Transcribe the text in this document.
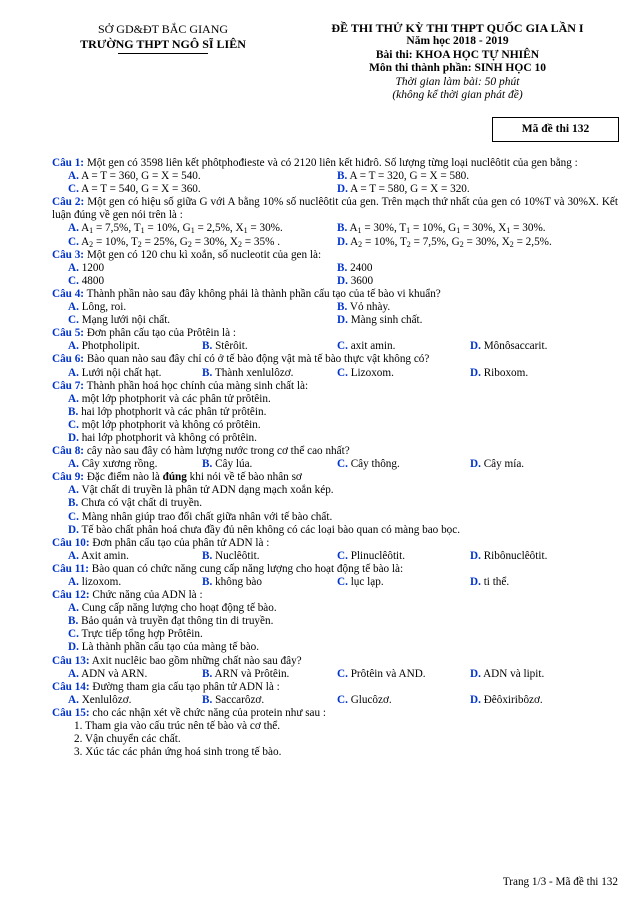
SỞ GD&ĐT BẮC GIANG
TRƯỜNG THPT NGÔ SĨ LIÊN
ĐỀ THI THỬ KỲ THI THPT QUỐC GIA LẦN I
Năm học 2018 - 2019
Bài thi: KHOA HỌC TỰ NHIÊN
Môn thi thành phần: SINH HỌC 10
Thời gian làm bài: 50 phút
(không kể thời gian phát đề)
Mã đề thi 132
Câu 1: Một gen có 3598 liên kết phôtphođieste và có 2120 liên kết hiđrô. Số lượng từng loại nuclêôtit của gen bằng :
A. A = T = 360, G = X = 540.	B. A = T = 320, G = X = 580.
C. A = T = 540, G = X = 360.	D. A = T = 580, G = X = 320.
Câu 2: Một gen có hiệu số giữa G với A bằng 10% số nuclêôtit của gen. Trên mạch thứ nhất của gen có 10%T và 30%X. Kết luận đúng về gen nói trên là :
A. $A_1 = 7,5\%$, $T_1 = 10\%$, $G_1 = 2,5\%$, $X_1 = 30\%$.	B. $A_1 = 30\%$, $T_1 = 10\%$, $G_1 = 30\%$, $X_1 = 30\%$.
C. $A_2 = 10\%$, $T_2 = 25\%$, $G_2 = 30\%$, $X_2 = 35\%$ .	D. $A_2 = 10\%$, $T_2 = 7,5\%$, $G_2 = 30\%$, $X_2 = 2,5\%$.
Câu 3: Một gen có 120 chu kì xoắn, số nucleotit của gen là:
A. 1200	B. 2400
C. 4800	D. 3600
Câu 4: Thành phần nào sau đây không phải là thành phần cấu tạo của tế bào vi khuẩn?
A. Lông, roi.	B. Vỏ nhày.
C. Mạng lưới nội chất.	D. Màng sinh chất.
Câu 5: Đơn phân cấu tạo của Prôtêin là :
A. Photpholipit.	B. Stêrôit.	C. axit amin.	D. Mônôsaccarit.
Câu 6: Bào quan nào sau đây chỉ có ở tế bào động vật mà tế bào thực vật không có?
A. Lưới nội chất hạt.	B. Thành xenlulôzơ.	C. Lizoxom.	D. Riboxom.
Câu 7: Thành phần hoá học chính của màng sinh chất là:
A. một lớp photphorit và các phân tử prôtêin.
B. hai lớp photphorit và các phân tử prôtêin.
C. một lớp photphorit và không có prôtêin.
D. hai lớp photphorit và không có prôtêin.
Câu 8: cây nào sau đây có hàm lượng nước trong cơ thể cao nhất?
A. Cây xương rồng.	B. Cây lúa.	C. Cây thông.	D. Cây mía.
Câu 9: Đặc điểm nào là đúng khi nói về tế bào nhân sơ
A. Vật chất di truyền là phân tử ADN dạng mạch xoắn kép.
B. Chưa có vật chất di truyền.
C. Màng nhân giúp trao đổi chất giữa nhân với tế bào chất.
D. Tế bào chất phân hoá chưa đầy đủ nên không có các loại bào quan có màng bao bọc.
Câu 10: Đơn phân cấu tạo của phân tử ADN là :
A. Axit amin.	B. Nuclêôtit.	C. Plinuclêôtit.	D. Ribônuclêôtit.
Câu 11: Bào quan có chức năng cung cấp năng lượng cho hoạt động tế bào là:
A. lizoxom.	B. không bào	C. lục lạp.	D. ti thể.
Câu 12: Chức năng của ADN là :
A. Cung cấp năng lượng cho hoạt động tế bào.
B. Bảo quản và truyền đạt thông tin di truyền.
C. Trực tiếp tổng hợp Prôtêin.
D. Là thành phần cấu tạo của màng tế bào.
Câu 13: Axit nuclêic bao gồm những chất nào sau đây?
A. ADN và ARN.	B. ARN và Prôtêin.	C. Prôtêin và AND.	D. ADN và lipit.
Câu 14: Đường tham gia cấu tạo phân tử ADN là :
A. Xenlulôzơ.	B. Saccarôzơ.	C. Glucôzơ.	D. Đêôxiribôzơ.
Câu 15: cho các nhận xét về chức năng của protein như sau :
1. Tham gia vào cấu trúc nên tế bào và cơ thể.
2. Vận chuyển các chất.
3. Xúc tác các phản ứng hoá sinh trong tế bào.
Trang 1/3 - Mã đề thi 132
